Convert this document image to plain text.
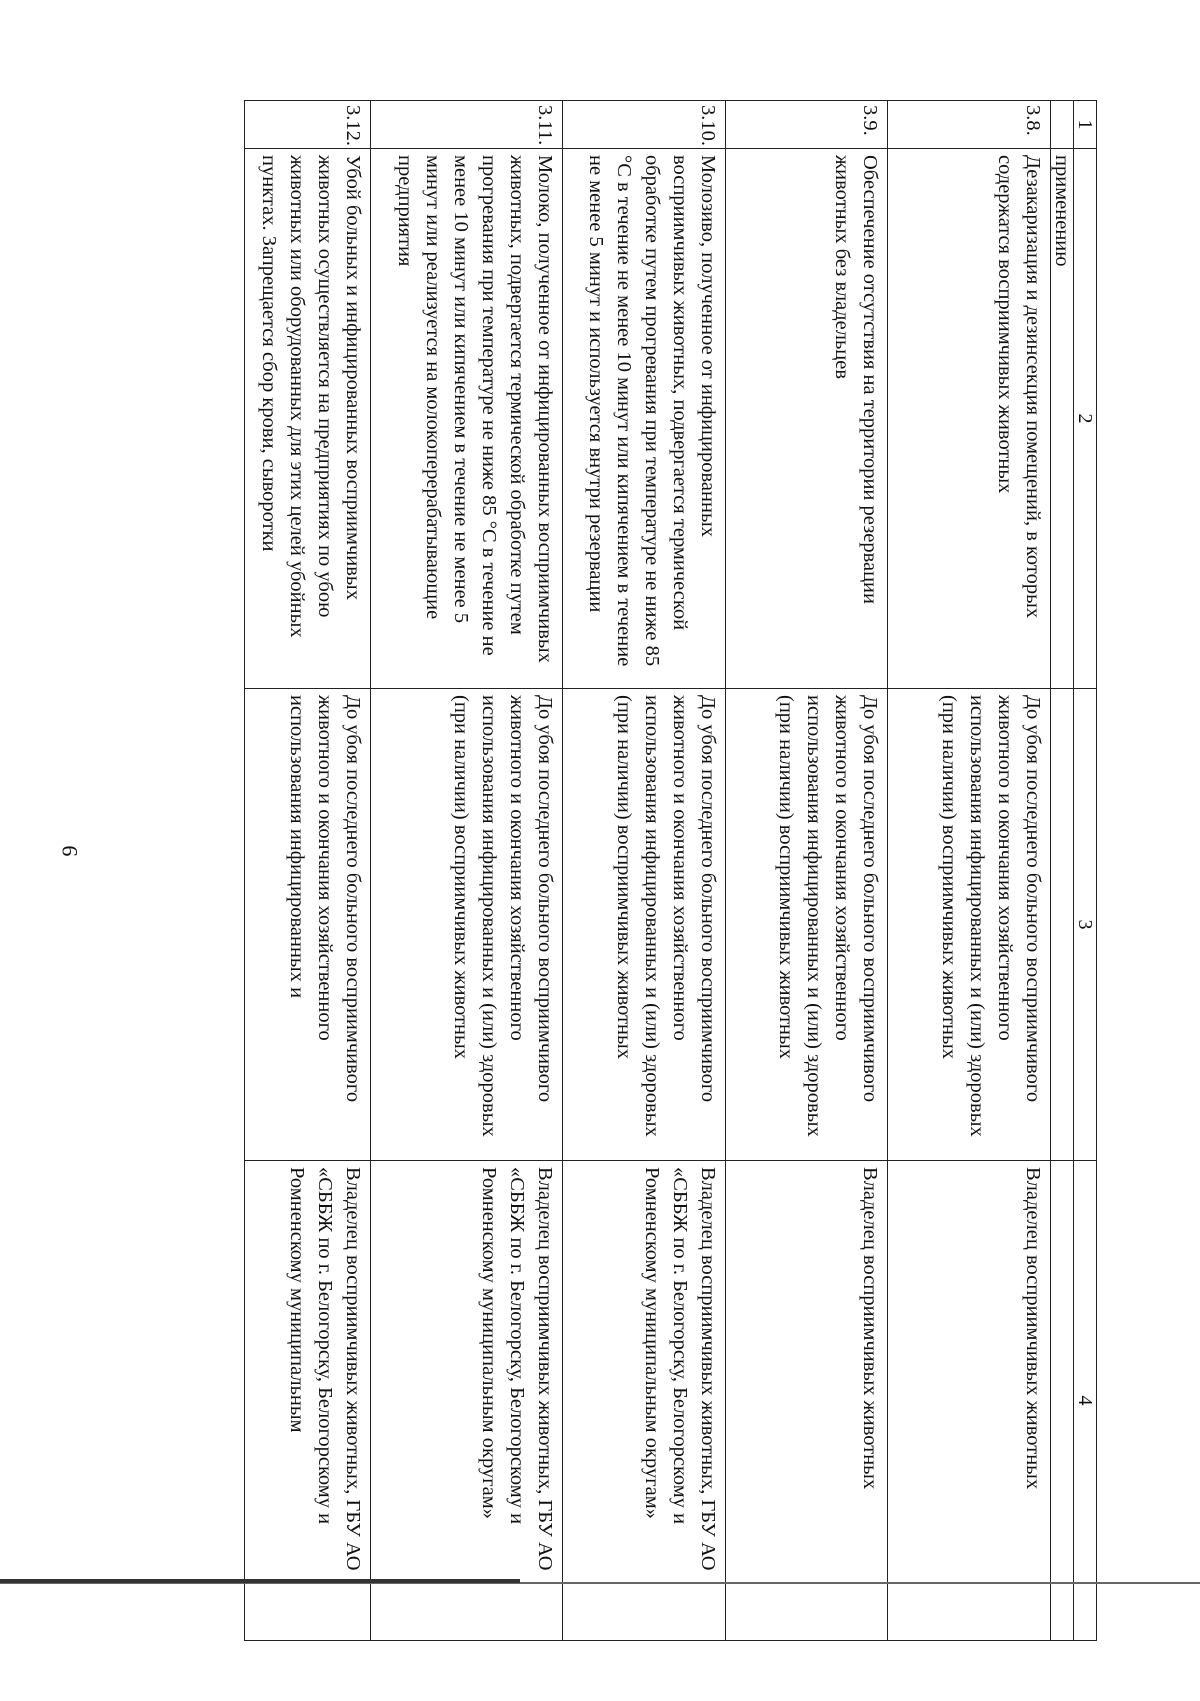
9
1	2	3	4
	применению		
3.8.	Дезакаризация и дезинсекция помещений, в которых содержатся восприимчивых животных	До убоя последнего больного восприимчивого животного и окончания хозяйственного использования инфицированных и (или) здоровых (при наличии) восприимчивых животных	Владелец восприимчивых животных
3.9.	Обеспечение отсутствия на территории резервации животных без владельцев	До убоя последнего больного восприимчивого животного и окончания хозяйственного использования инфицированных и (или) здоровых (при наличии) восприимчивых животных	Владелец восприимчивых животных
3.10.	Молозиво, полученное от инфицированных восприимчивых животных, подвергается термической обработке путем прогревания при температуре не ниже 85 °С в течение не менее 10 минут или кипячением в течение не менее 5 минут и используется внутри резервации	До убоя последнего больного восприимчивого животного и окончания хозяйственного использования инфицированных и (или) здоровых (при наличии) восприимчивых животных	Владелец восприимчивых животных, ГБУ АО «СББЖ по г. Белогорску, Белогорскому и Ромненскому муниципальным округам»
3.11.	Молоко, полученное от инфицированных восприимчивых животных, подвергается термической обработке путем прогревания при температуре не ниже 85 °С в течение не менее 10 минут или кипячением в течение не менее 5 минут или реализуется на молокоперерабатывающие предприятия	До убоя последнего больного восприимчивого животного и окончания хозяйственного использования инфицированных и (или) здоровых (при наличии) восприимчивых животных	Владелец восприимчивых животных, ГБУ АО «СББЖ по г. Белогорску, Белогорскому и Ромненскому муниципальным округам»
3.12.	Убой больных и инфицированных восприимчивых животных осуществляется на предприятиях по убою животных или оборудованных для этих целей убойных пунктах. Запрещается сбор крови, сыворотки	До убоя последнего больного восприимчивого животного и окончания хозяйственного использования инфицированных и	Владелец восприимчивых животных, ГБУ АО «СББЖ по г. Белогорску, Белогорскому и Ромненскому муниципальным
